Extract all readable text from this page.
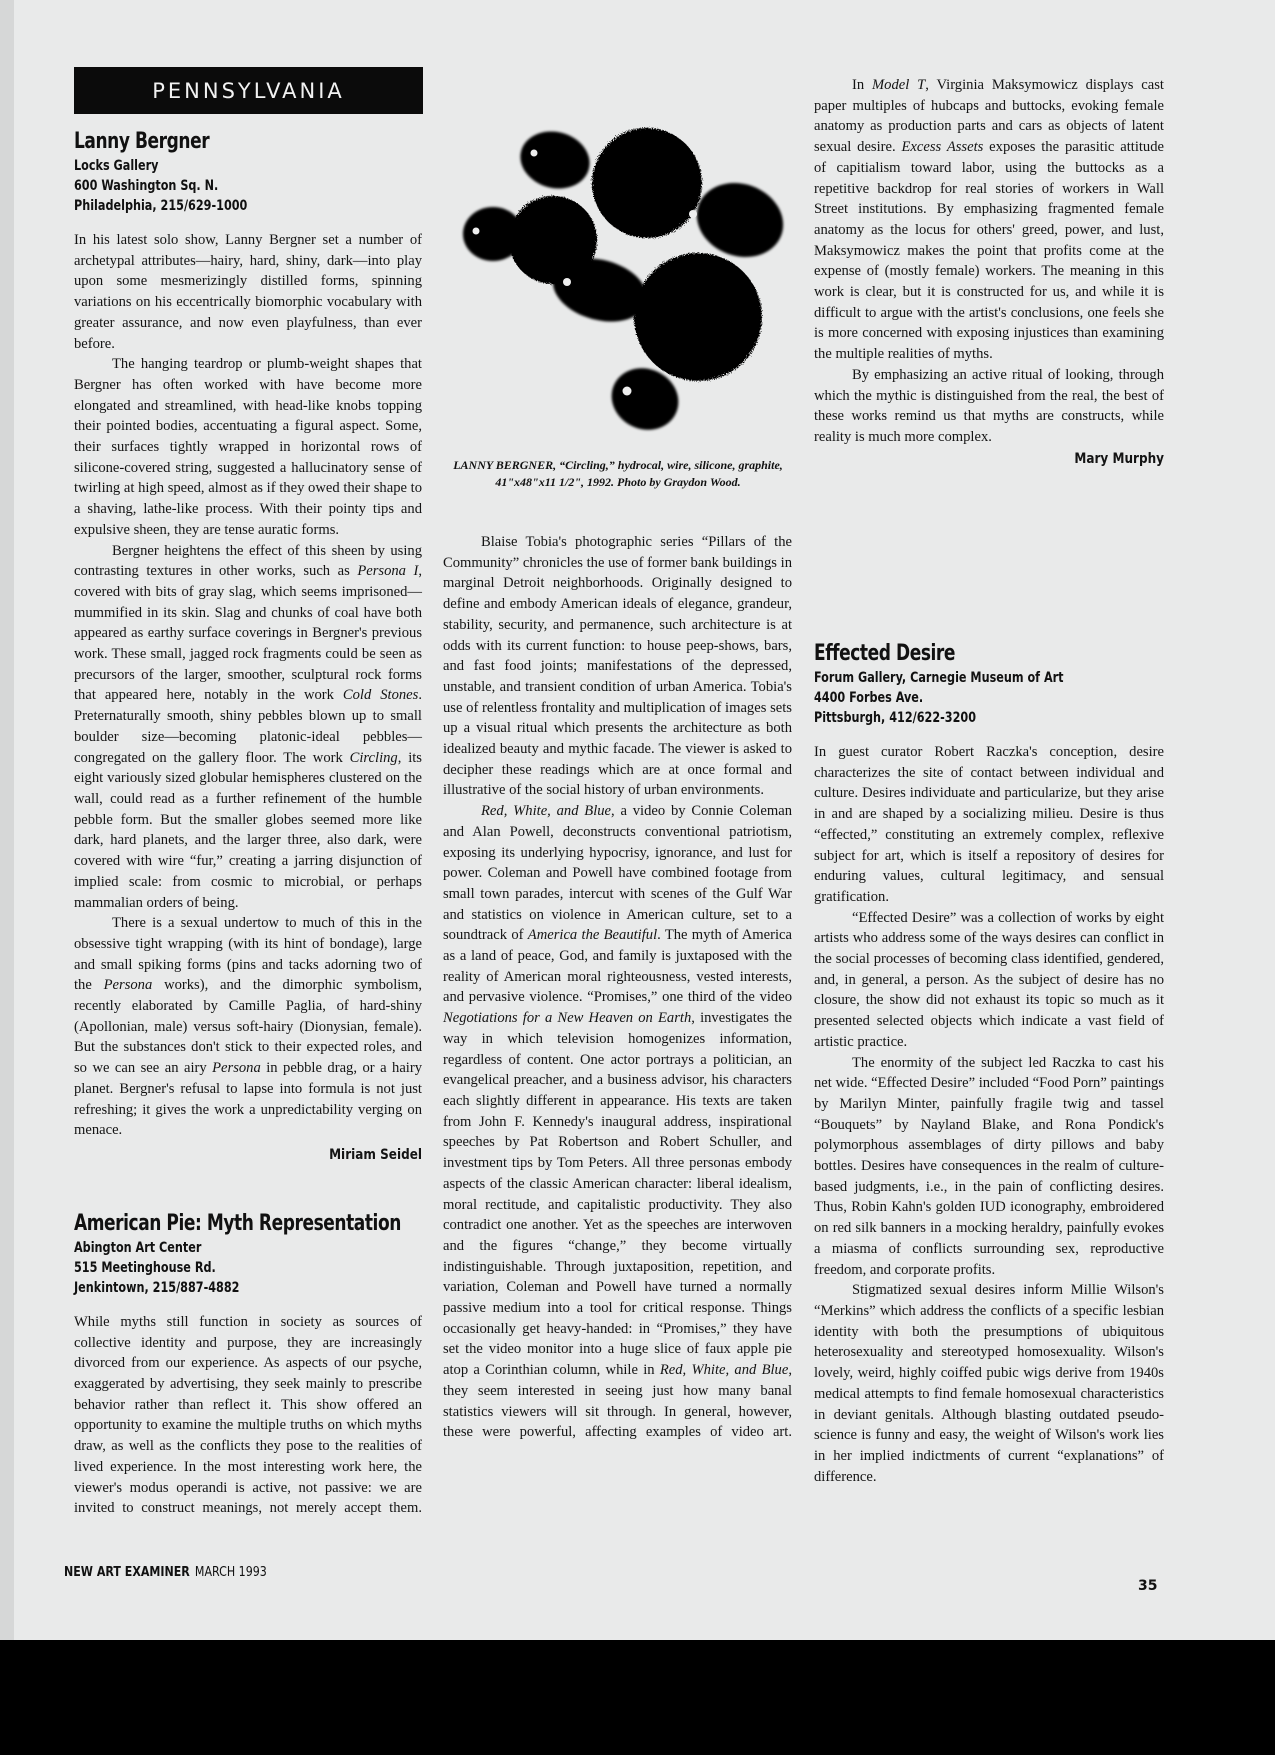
PENNSYLVANIA
Lanny Bergner
Locks Gallery
600 Washington Sq. N.
Philadelphia, 215/629-1000

In his latest solo show, Lanny Bergner set a number of archetypal attributes—hairy, hard, shiny, dark—into play upon some mesmerizingly distilled forms, spinning variations on his eccentrically biomorphic vocabulary with greater assurance, and now even playfulness, than ever before.

The hanging teardrop or plumb-weight shapes that Bergner has often worked with have become more elongated and streamlined, with head-like knobs topping their pointed bodies, accentuating a figural aspect. Some, their surfaces tightly wrapped in horizontal rows of silicone-covered string, suggested a hallucinatory sense of twirling at high speed, almost as if they owed their shape to a shaving, lathe-like process. With their pointy tips and expulsive sheen, they are tense auratic forms.

Bergner heightens the effect of this sheen by using contrasting textures in other works, such as Persona I, covered with bits of gray slag, which seems imprisoned—mummified in its skin. Slag and chunks of coal have both appeared as earthy surface coverings in Bergner's previous work. These small, jagged rock fragments could be seen as precursors of the larger, smoother, sculptural rock forms that appeared here, notably in the work Cold Stones. Preternaturally smooth, shiny pebbles blown up to small boulder size—becoming platonic-ideal pebbles—congregated on the gallery floor. The work Circling, its eight variously sized globular hemispheres clustered on the wall, could read as a further refinement of the humble pebble form. But the smaller globes seemed more like dark, hard planets, and the larger three, also dark, were covered with wire “fur,” creating a jarring disjunction of implied scale: from cosmic to microbial, or perhaps mammalian orders of being.

There is a sexual undertow to much of this in the obsessive tight wrapping (with its hint of bondage), large and small spiking forms (pins and tacks adorning two of the Persona works), and the dimorphic symbolism, recently elaborated by Camille Paglia, of hard-shiny (Apollonian, male) versus soft-hairy (Dionysian, female). But the substances don't stick to their expected roles, and so we can see an airy Persona in pebble drag, or a hairy planet. Bergner's refusal to lapse into formula is not just refreshing; it gives the work a unpredictability verging on menace.

Miriam Seidel
American Pie: Myth Representation
Abington Art Center
515 Meetinghouse Rd.
Jenkintown, 215/887-4882

While myths still function in society as sources of collective identity and purpose, they are increasingly divorced from our experience. As aspects of our psyche, exaggerated by advertising, they seek mainly to prescribe behavior rather than reflect it. This show offered an opportunity to examine the multiple truths on which myths draw, as well as the conflicts they pose to the realities of lived experience. In the most interesting work here, the viewer's modus operandi is active, not passive: we are invited to construct meanings, not merely accept them.

LANNY BERGNER, “Circling,” hydrocal, wire, silicone, graphite, 41"x48"x11 1/2", 1992. Photo by Graydon Wood.

Blaise Tobia's photographic series “Pillars of the Community” chronicles the use of former bank buildings in marginal Detroit neighborhoods. Originally designed to define and embody American ideals of elegance, grandeur, stability, security, and permanence, such architecture is at odds with its current function: to house peep-shows, bars, and fast food joints; manifestations of the depressed, unstable, and transient condition of urban America. Tobia's use of relentless frontality and multiplication of images sets up a visual ritual which presents the architecture as both idealized beauty and mythic facade. The viewer is asked to decipher these readings which are at once formal and illustrative of the social history of urban environments.

Red, White, and Blue, a video by Connie Coleman and Alan Powell, deconstructs conventional patriotism, exposing its underlying hypocrisy, ignorance, and lust for power. Coleman and Powell have combined footage from small town parades, intercut with scenes of the Gulf War and statistics on violence in American culture, set to a soundtrack of America the Beautiful. The myth of America as a land of peace, God, and family is juxtaposed with the reality of American moral righteousness, vested interests, and pervasive violence. “Promises,” one third of the video Negotiations for a New Heaven on Earth, investigates the way in which television homogenizes information, regardless of content. One actor portrays a politician, an evangelical preacher, and a business advisor, his characters each slightly different in appearance. His texts are taken from John F. Kennedy's inaugural address, inspirational speeches by Pat Robertson and Robert Schuller, and investment tips by Tom Peters. All three personas embody aspects of the classic American character: liberal idealism, moral rectitude, and capitalistic productivity. They also contradict one another. Yet as the speeches are interwoven and the figures “change,” they become virtually indistinguishable. Through juxtaposition, repetition, and variation, Coleman and Powell have turned a normally passive medium into a tool for critical response. Things occasionally get heavy-handed: in “Promises,” they have set the video monitor into a huge slice of faux apple pie atop a Corinthian column, while in Red, White, and Blue, they seem interested in seeing just how many banal statistics viewers will sit through. In general, however, these were powerful, affecting examples of video art.

In Model T, Virginia Maksymowicz displays cast paper multiples of hubcaps and buttocks, evoking female anatomy as production parts and cars as objects of latent sexual desire. Excess Assets exposes the parasitic attitude of capitialism toward labor, using the buttocks as a repetitive backdrop for real stories of workers in Wall Street institutions. By emphasizing fragmented female anatomy as the locus for others' greed, power, and lust, Maksymowicz makes the point that profits come at the expense of (mostly female) workers. The meaning in this work is clear, but it is constructed for us, and while it is difficult to argue with the artist's conclusions, one feels she is more concerned with exposing injustices than examining the multiple realities of myths.

By emphasizing an active ritual of looking, through which the mythic is distinguished from the real, the best of these works remind us that myths are constructs, while reality is much more complex.

Mary Murphy
Effected Desire
Forum Gallery, Carnegie Museum of Art
4400 Forbes Ave.
Pittsburgh, 412/622-3200

In guest curator Robert Raczka's conception, desire characterizes the site of contact between individual and culture. Desires individuate and particularize, but they arise in and are shaped by a socializing milieu. Desire is thus “effected,” constituting an extremely complex, reflexive subject for art, which is itself a repository of desires for enduring values, cultural legitimacy, and sensual gratification.

“Effected Desire” was a collection of works by eight artists who address some of the ways desires can conflict in the social processes of becoming class identified, gendered, and, in general, a person. As the subject of desire has no closure, the show did not exhaust its topic so much as it presented selected objects which indicate a vast field of artistic practice.

The enormity of the subject led Raczka to cast his net wide. “Effected Desire” included “Food Porn” paintings by Marilyn Minter, painfully fragile twig and tassel “Bouquets” by Nayland Blake, and Rona Pondick's polymorphous assemblages of dirty pillows and baby bottles. Desires have consequences in the realm of culture-based judgments, i.e., in the pain of conflicting desires. Thus, Robin Kahn's golden IUD iconography, embroidered on red silk banners in a mocking heraldry, painfully evokes a miasma of conflicts surrounding sex, reproductive freedom, and corporate profits.

Stigmatized sexual desires inform Millie Wilson's “Merkins” which address the conflicts of a specific lesbian identity with both the presumptions of ubiquitous heterosexuality and stereotyped homosexuality. Wilson's lovely, weird, highly coiffed pubic wigs derive from 1940s medical attempts to find female homosexual characteristics in deviant genitals. Although blasting outdated pseudo-science is funny and easy, the weight of Wilson's work lies in her implied indictments of current “explanations” of difference.

NEW ART EXAMINER MARCH 1993
35
